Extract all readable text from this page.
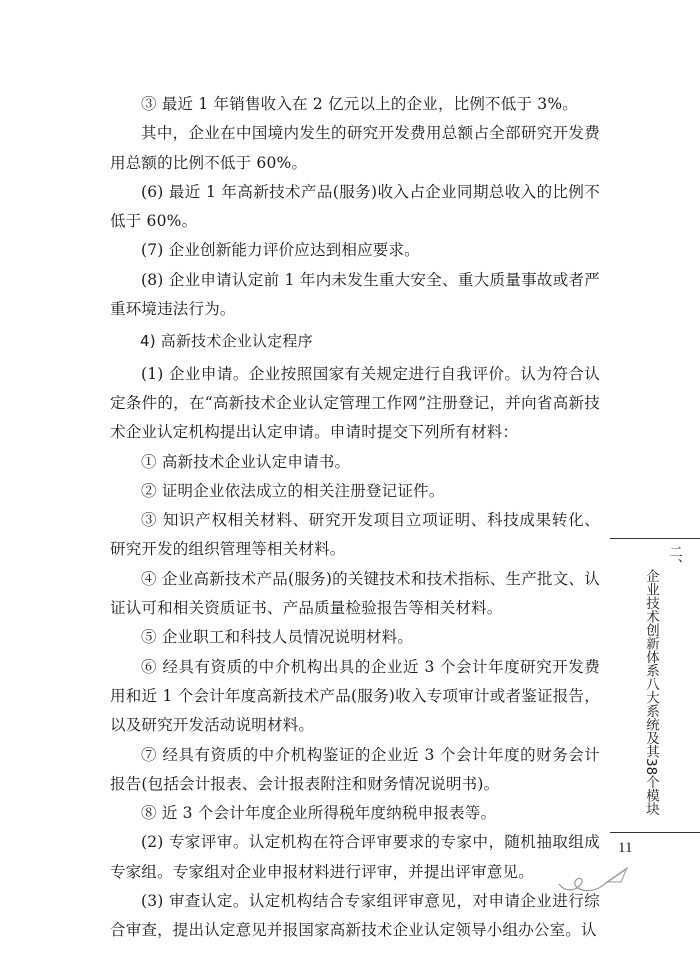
③ 最近 1 年销售收入在 2 亿元以上的企业，比例不低于 3%。

其中，企业在中国境内发生的研究开发费用总额占全部研究开发费用总额的比例不低于 60%。

(6) 最近 1 年高新技术产品(服务)收入占企业同期总收入的比例不低于 60%。

(7) 企业创新能力评价应达到相应要求。

(8) 企业申请认定前 1 年内未发生重大安全、重大质量事故或者严重环境违法行为。

4) 高新技术企业认定程序

(1) 企业申请。企业按照国家有关规定进行自我评价。认为符合认定条件的，在“高新技术企业认定管理工作网”注册登记，并向省高新技术企业认定机构提出认定申请。申请时提交下列所有材料：

① 高新技术企业认定申请书。

② 证明企业依法成立的相关注册登记证件。

③ 知识产权相关材料、研究开发项目立项证明、科技成果转化、研究开发的组织管理等相关材料。

④ 企业高新技术产品(服务)的关键技术和技术指标、生产批文、认证认可和相关资质证书、产品质量检验报告等相关材料。

⑤ 企业职工和科技人员情况说明材料。

⑥ 经具有资质的中介机构出具的企业近 3 个会计年度研究开发费用和近 1 个会计年度高新技术产品(服务)收入专项审计或者鉴证报告，以及研究开发活动说明材料。

⑦ 经具有资质的中介机构鉴证的企业近 3 个会计年度的财务会计报告(包括会计报表、会计报表附注和财务情况说明书)。

⑧ 近 3 个会计年度企业所得税年度纳税申报表等。

(2) 专家评审。认定机构在符合评审要求的专家中，随机抽取组成专家组。专家组对企业申报材料进行评审，并提出评审意见。

(3) 审查认定。认定机构结合专家组评审意见，对申请企业进行综合审查，提出认定意见并报国家高新技术企业认定领导小组办公室。认

二、
企业技术创新体系八大系统及其38个模块
11
